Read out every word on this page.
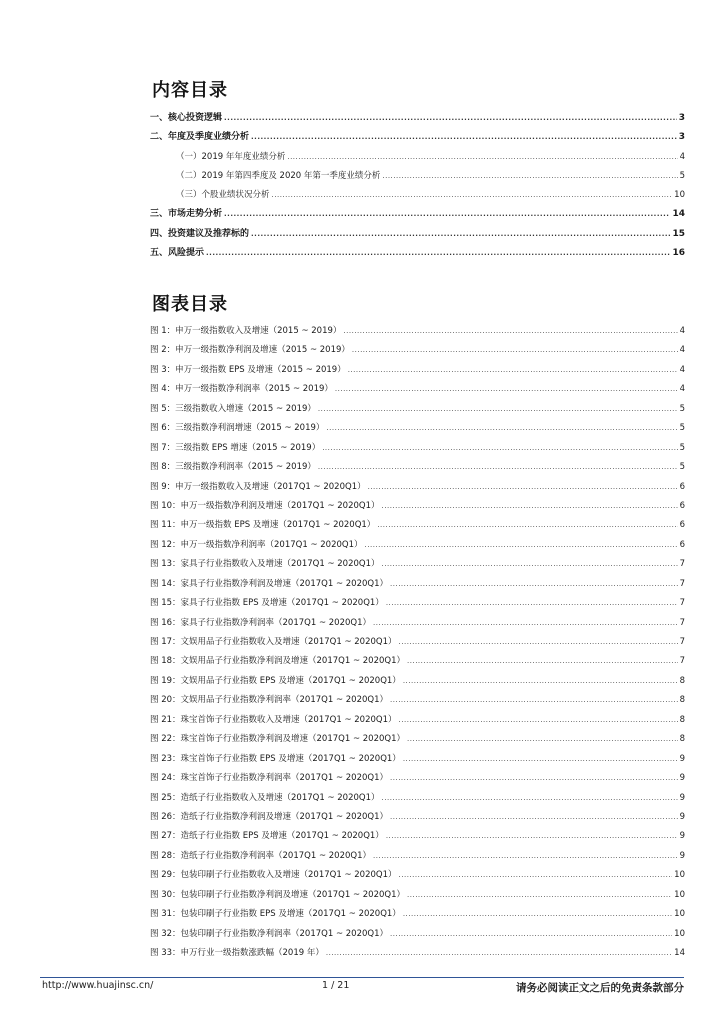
内容目录
一、核心投资逻辑 .....	3
二、年度及季度业绩分析 .....	3
（一）2019 年年度业绩分析 .....	4
（二）2019 年第四季度及 2020 年第一季度业绩分析 .....	5
（三）个股业绩状况分析 .....	10
三、市场走势分析 .....	14
四、投资建议及推荐标的 .....	15
五、风险提示 .....	16
图表目录
图 1：申万一级指数收入及增速（2015 ~ 2019） .....	4
图 2：申万一级指数净利润及增速（2015 ~ 2019） .....	4
图 3：申万一级指数 EPS 及增速（2015 ~ 2019） .....	4
图 4：申万一级指数净利润率（2015 ~ 2019） .....	4
图 5：三级指数收入增速（2015 ~ 2019） .....	5
图 6：三级指数净利润增速（2015 ~ 2019） .....	5
图 7：三级指数 EPS 增速（2015 ~ 2019） .....	5
图 8：三级指数净利润率（2015 ~ 2019） .....	5
图 9：申万一级指数收入及增速（2017Q1 ~ 2020Q1） .....	6
图 10：申万一级指数净利润及增速（2017Q1 ~ 2020Q1） .....	6
图 11：申万一级指数 EPS 及增速（2017Q1 ~ 2020Q1） .....	6
图 12：申万一级指数净利润率（2017Q1 ~ 2020Q1） .....	6
图 13：家具子行业指数收入及增速（2017Q1 ~ 2020Q1） .....	7
图 14：家具子行业指数净利润及增速（2017Q1 ~ 2020Q1） .....	7
图 15：家具子行业指数 EPS 及增速（2017Q1 ~ 2020Q1） .....	7
图 16：家具子行业指数净利润率（2017Q1 ~ 2020Q1） .....	7
图 17：文娱用品子行业指数收入及增速（2017Q1 ~ 2020Q1） .....	7
图 18：文娱用品子行业指数净利润及增速（2017Q1 ~ 2020Q1） .....	7
图 19：文娱用品子行业指数 EPS 及增速（2017Q1 ~ 2020Q1） .....	8
图 20：文娱用品子行业指数净利润率（2017Q1 ~ 2020Q1） .....	8
图 21：珠宝首饰子行业指数收入及增速（2017Q1 ~ 2020Q1） .....	8
图 22：珠宝首饰子行业指数净利润及增速（2017Q1 ~ 2020Q1） .....	8
图 23：珠宝首饰子行业指数 EPS 及增速（2017Q1 ~ 2020Q1） .....	9
图 24：珠宝首饰子行业指数净利润率（2017Q1 ~ 2020Q1） .....	9
图 25：造纸子行业指数收入及增速（2017Q1 ~ 2020Q1） .....	9
图 26：造纸子行业指数净利润及增速（2017Q1 ~ 2020Q1） .....	9
图 27：造纸子行业指数 EPS 及增速（2017Q1 ~ 2020Q1） .....	9
图 28：造纸子行业指数净利润率（2017Q1 ~ 2020Q1） .....	9
图 29：包装印刷子行业指数收入及增速（2017Q1 ~ 2020Q1） .....	10
图 30：包装印刷子行业指数净利润及增速（2017Q1 ~ 2020Q1） .....	10
图 31：包装印刷子行业指数 EPS 及增速（2017Q1 ~ 2020Q1） .....	10
图 32：包装印刷子行业指数净利润率（2017Q1 ~ 2020Q1） .....	10
图 33：申万行业一级指数涨跌幅（2019 年） .....	14
http://www.huajinsc.cn/	1 / 21	请务必阅读正文之后的免责条款部分
